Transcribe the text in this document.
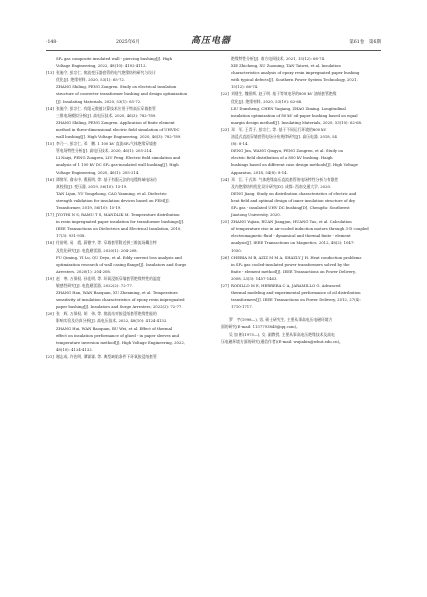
·148·	2025年6月	高压电器	第61卷　第6期

SF₆ gas composite insulated wall - piercing bushing[J]. High

Voltage Engineering, 2022, 48(10): 4102-4112.

[13] 张施令, 彭宗仁, 换流变压器套管的电气绝缘结构研究与设计

优化[J]. 绝缘材料, 2020, 53(1): 65-72.
ZHANG Shiling, PENG Zongren. Study on electrical insulation
structure of converter transformer bushing and design optimization
[J]. Insulating Materials, 2020, 53(1): 65-72.

[14] 张施令, 彭宗仁. 有限元数值计算技术应用于特高压穿墙套管

三维电场模拟分析[J]. 高电压技术, 2020, 46(3): 782-789.
ZHANG Shiling, PENG Zongren. Application of finite element
method in three-dimensional electric field simulation of UHVDC
wall bushing[J]. High Voltage Engineering, 2020, 46(3): 782-789.

[15] 李乃一, 彭宗仁, 邓　鹏. 1 100 kV 直流SF₆气体绝缘穿墙套

管电场特性分析[J]. 高电压技术, 2020, 46(1): 205-214.
LI Naiyi, PENG Zongren, LIU Peng. Electric field simulation and
analysis of 1 100 kV DC SF₆ gas-insulated wall bushing[J]. High
Voltage Engineering, 2020, 46(1): 205-214.

[16] 谭黎军, 俞永中, 曹燕明, 等. 基于有限元法的电缆终端电场仿

真校验[J]. 变压器, 2019, 56(10): 15-19.
TAN Lijun, YU Yongzhong, CAO Yanming, et al. Dielectric
strength validation for insulation devices based on FEM[J].
Transformer, 2019, 56(10): 15-19.

[17] JYOTHI N S, RAMU T S, MANDLIK M. Temperature distribution

in resin impregnated paper insulation for transformer bushings[J].
IEEE Transactions on Dielectrics and Electrical Insulation, 2010,
17(3): 931-938.

[18] 付裕明, 易　霞, 蔚德宇, 等. 穿墙套管附近拼三维流场耦合特

及优化研究[J]. 电瓷避雷器, 2020(1): 204-208.
FU Qiming, YI Lu, QU Deyu, et al. Eddy current loss analysis and
optimization research of wall casing flange[J]. Insulators and Surge
Arresters, 2020(1): 204-208.

[19] 赵　寒, 万保权, 孙佳明, 等. 环氧浸纸穿墙套管绝缘特性的温度

敏感性研究[J]. 电瓷避雷器, 2022(2): 72-77.
ZHANG Han, WAN Baoquan, XU Zhenming, et al. Temperature
sensitivity of insulation characteristics of epoxy resin impregnated
paper bushing[J]. Insulators and Surge Arresters, 2022(2): 72-77.

[20] 张　辉, 万保权, 胡　伟, 等. 换流站对胶浸纸套管绝缘性能的

影响实验及仿真分析[J]. 高电压技术, 2022, 48(10): 4124-4132.
ZHANG Hui, WAN Baoquan, BU Wei, et al. Effect of thermal
effect on insulation performance of glued - in paper sleeves and
temperature inversion method[J]. High Voltage Engineering, 2022,
48(10): 4124-4132.

[21] 谢志成, 许佐明, 谭霖霖, 等. 典型缺陷条件下环氧胶浸纸套管

绝缘特性分析[J]. 南方电网技术, 2021, 15(12): 66-74.

XIE Zhicheng, XU Zuoming, TAN Taiwei, et al. Insulation
characteristics analysis of epoxy resin impregnated paper bushing
with typical defects[J]. Southern Power System Technology, 2021,
15(12): 66-74.

[22] 刘建生, 魏景辉, 赵子明. 基于等效电导的800 kV 油纸套管绝缘

优化[J]. 绝缘材料, 2020, 53(10): 62-68.
LIU Dunsheng, CHEN Yaqiang, ZHAO Ziming. Longitudinal
insulation optimization of 80 kV oil-paper bushing based on equal
margin design method[J]. Insulating Materials, 2020, 53(10): 62-68.

[23] 邓　军, 王青于, 彭宗仁, 等. 基于不同运行环境的800 kV

油浸式直流穿墙套管电场分布规律研究[J]. 高压电器, 2018, 54
(8): 8-14.
DENG Jun, WANG Qingyu, PENG Zongren, et al. Study on
electric field distribution of a 800 kV bushing. Haigh
bushings based on different case design methods[J]. High Voltage
Apparatus, 2018, 54(8): 8-14.

[24] 邓　江, 于式玮. 气体绝缘高压直流套管的电场特性分析与有限性

及内绝缘结构优化设计研究[D]. 成都: 西南交通大学, 2020.
DENG Jiang. Study on distribution characteristics of electric and
heat field and optimal design of inner insulation structure of dry
SF₆ gas - insulated UHV DC bushing[D]. Chengdu: Southwest
Jiaotong University, 2020.

[25] ZHANG Yujian, RUAN Jiangjun, HUANG Tao, et al. Calculation

of temperature rise in air-cooled induction motors through 3-D coupled
electromagnetic fluid - dynamical and thermal finite - element
analysis[J]. IEEE Transactions on Magnetics, 2012, 48(2): 1047-
1050.

[26] CHEBIA M B, AZIZ M M A, SHAZLY J H. Heat conduction problems

in SF₆ gas cooled-insulated power transformers solved by the
finite - element method[J]. IEEE Transactions on Power Delivery,
2008, 23(3): 1457-1463.

[27] RODILLO M E, HERRERA C A, JARAMILLO G. Advanced

thermal modeling and experimental performance of oil distribution
transformers[J]. IEEE Transactions on Power Delivery, 2012, 27(4):
1710-1717.

罗　宇(1998—), 男, 硕士研究生, 主要从事高电压电磁环境方
面的研究(E-mail: 1137793848@qq.com)。

吴 加 彬(1975—), 女, 副教授, 主要从事高电压绝缘技术及高电
压电磁环境方面的研究(通信作者)(E-mail: wujiabin@whut.edu.cn)。
